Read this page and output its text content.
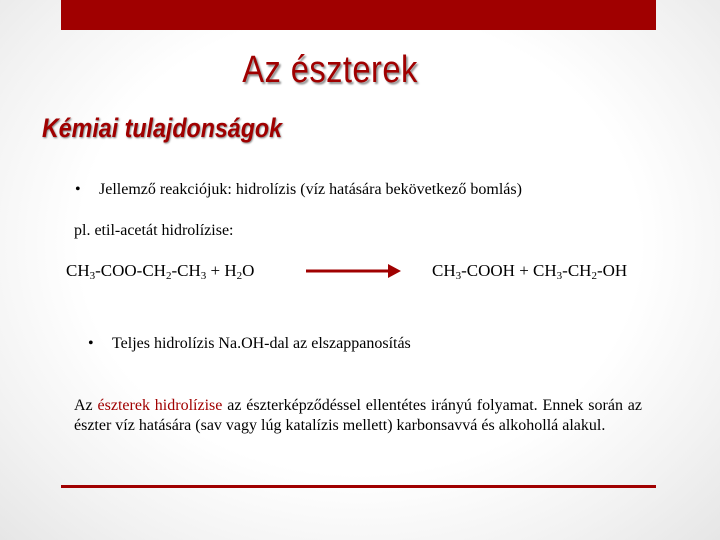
Az észterek
Kémiai tulajdonságok
• Jellemző reakciójuk: hidrolízis (víz hatására bekövetkező bomlás)
pl. etil-acetát hidrolízise:
$CH_3-COO-CH_2-CH_3 + H_2O$	$CH_3$-COOH + $CH_3-CH_2-OH$
• Teljes hidrolízis Na.OH-dal az elszappanosítás
Az észterek hidrolízise az észterképződéssel ellentétes irányú folyamat. Ennek során az észter víz hatására (sav vagy lúg katalízis mellett) karbonsavvá és alkohollá alakul.
